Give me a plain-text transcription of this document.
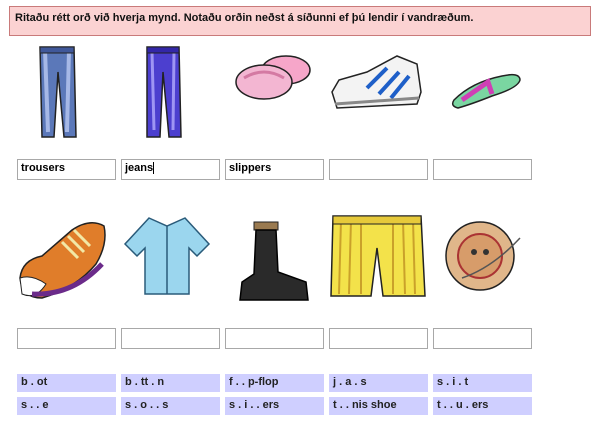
Ritaðu rétt orð við hverja mynd. Notaðu orðin neðst á síðunni ef þú lendir í vandræðum.
trousers	jeans	slippers
b . ot	b . tt . n	f . . p-flop	j . a . s	s . i . t
s . . e	s . o . . s	s . i . . ers	t . . nis shoe	t . . u . ers
